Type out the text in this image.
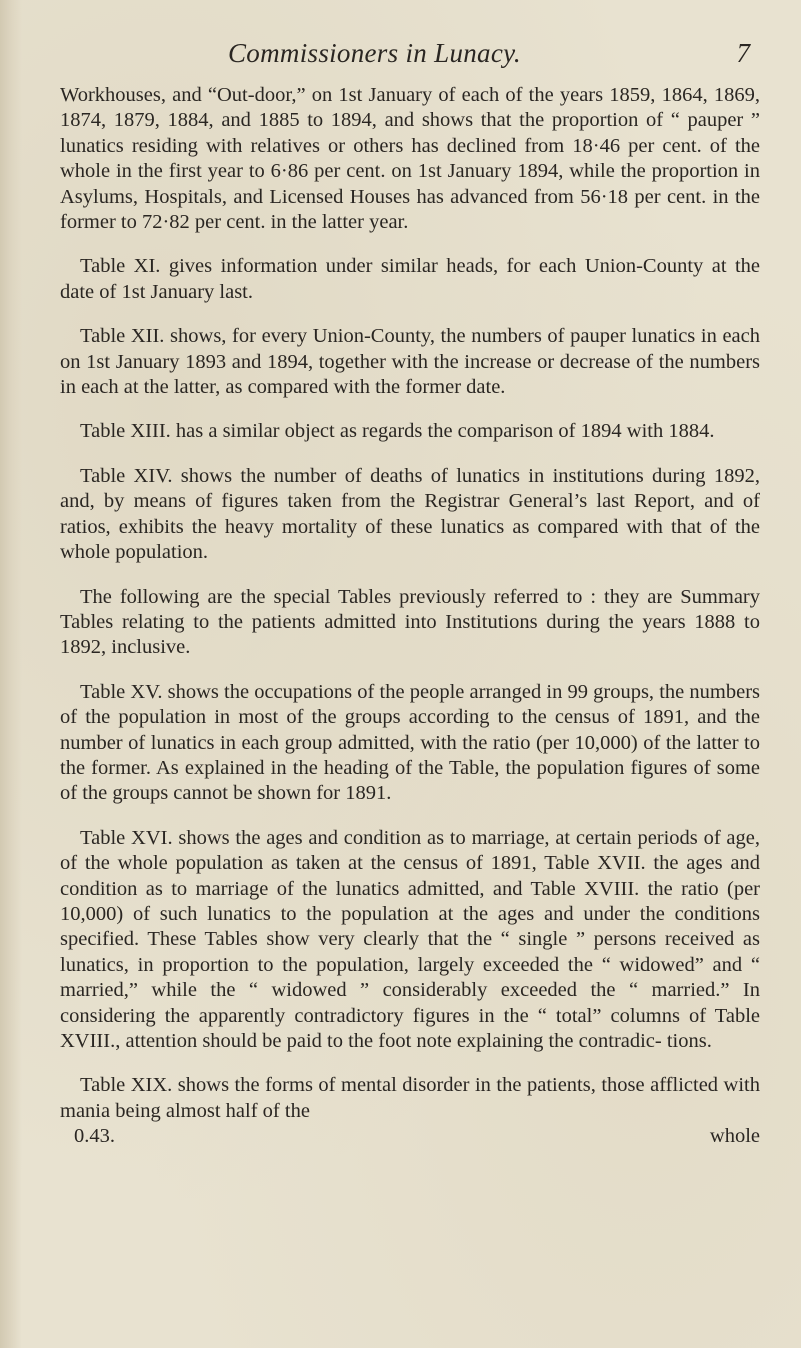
Commissioners in Lunacy.	7

Workhouses, and “Out-door,” on 1st January of each of the years 1859, 1864, 1869, 1874, 1879, 1884, and 1885 to 1894, and shows that the proportion of “ pauper ” lunatics residing with relatives or others has declined from 18·46 per cent. of the whole in the first year to 6·86 per cent. on 1st January 1894, while the proportion in Asylums, Hospitals, and Licensed Houses has advanced from 56·18 per cent. in the former to 72·82 per cent. in the latter year.

Table XI. gives information under similar heads, for each Union-County at the date of 1st January last.

Table XII. shows, for every Union-County, the numbers of pauper lunatics in each on 1st January 1893 and 1894, together with the increase or decrease of the numbers in each at the latter, as compared with the former date.

Table XIII. has a similar object as regards the comparison of 1894 with 1884.

Table XIV. shows the number of deaths of lunatics in institutions during 1892, and, by means of figures taken from the Registrar General’s last Report, and of ratios, exhibits the heavy mortality of these lunatics as compared with that of the whole population.

The following are the special Tables previously referred to : they are Summary Tables relating to the patients admitted into Institutions during the years 1888 to 1892, inclusive.

Table XV. shows the occupations of the people arranged in 99 groups, the numbers of the population in most of the groups according to the census of 1891, and the number of lunatics in each group admitted, with the ratio (per 10,000) of the latter to the former. As explained in the heading of the Table, the population figures of some of the groups cannot be shown for 1891.

Table XVI. shows the ages and condition as to marriage, at certain periods of age, of the whole population as taken at the census of 1891, Table XVII. the ages and condition as to marriage of the lunatics admitted, and Table XVIII. the ratio (per 10,000) of such lunatics to the population at the ages and under the conditions specified. These Tables show very clearly that the “ single ” persons received as lunatics, in proportion to the population, largely exceeded the “ widowed” and “ married,” while the “ widowed ” considerably exceeded the “ married.” In considering the apparently contradictory figures in the “ total” columns of Table XVIII., attention should be paid to the foot note explaining the contradic- tions.

Table XIX. shows the forms of mental disorder in the patients, those afflicted with mania being almost half of the

0.43.	whole
